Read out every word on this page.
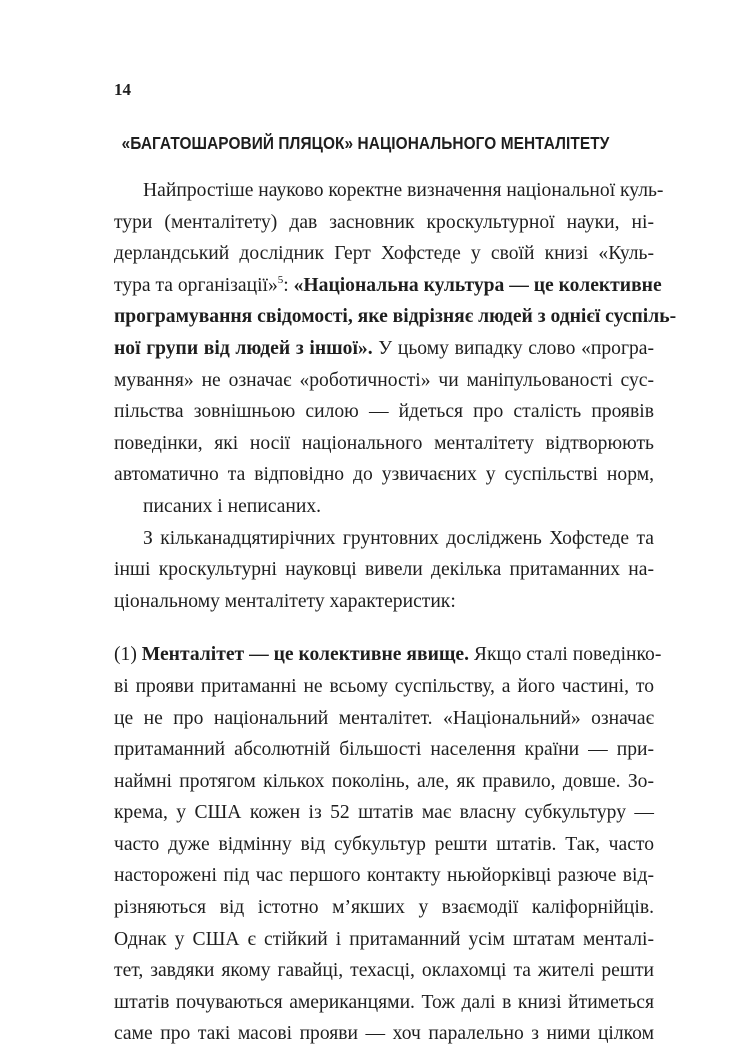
14
«БАГАТОШАРОВИЙ ПЛЯЦОК» НАЦІОНАЛЬНОГО МЕНТАЛІТЕТУ
Найпростіше науково коректне визначення національної куль-
тури (менталітету) дав засновник кроскультурної науки, ні-
дерландський дослідник Герт Хофстеде у своїй книзі «Куль-
тура та організації»$^5$: «Національна культура — це колективне
програмування свідомості, яке відрізняє людей з однієї суспіль-
ної групи від людей з іншої». У цьому випадку слово «програ-
мування» не означає «роботичності» чи маніпульованості сус-
пільства зовнішньою силою — йдеться про сталість проявів
поведінки, які носії національного менталітету відтворюють
автоматично та відповідно до узвичаєних у суспільстві норм,
писаних і неписаних.
З кільканадцятирічних грунтовних досліджень Хофстеде та
інші кроскультурні науковці вивели декілька притаманних на-
ціональному менталітету характеристик:
(1) Менталітет — це колективне явище. Якщо сталі поведінко-
ві прояви притаманні не всьому суспільству, а його частині, то
це не про національний менталітет. «Національний» означає
притаманний абсолютній більшості населення країни — при-
наймні протягом кількох поколінь, але, як правило, довше. Зо-
крема, у США кожен із 52 штатів має власну субкультуру —
часто дуже відмінну від субкультур решти штатів. Так, часто
насторожені під час першого контакту ньюйорківці разюче від-
різняються від істотно м’якших у взаємодії каліфорнійців.
Однак у США є стійкий і притаманний усім штатам менталі-
тет, завдяки якому гавайці, техасці, оклахомці та жителі решти
штатів почуваються американцями. Тож далі в книзі йтиметься
саме про такі масові прояви — хоч паралельно з ними цілком
